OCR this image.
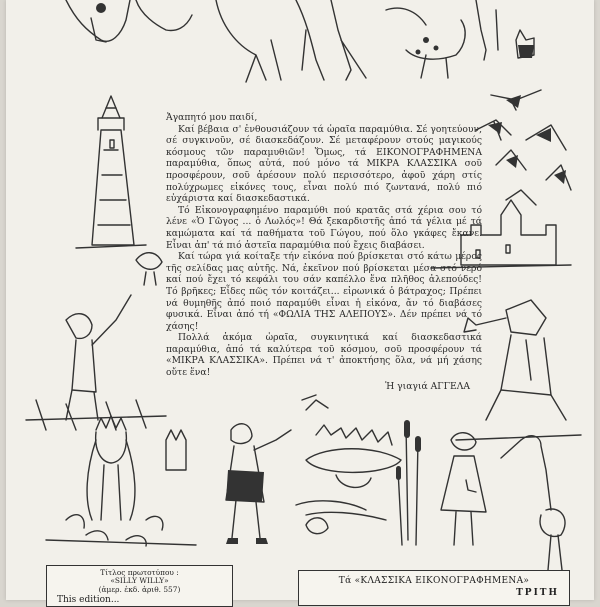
Ἀγαπητό μου παιδί,

Καί βέβαια σ' ἐνθουσιάζουν τά ὡραῖα παραμύθια. Σέ γοητεύουν, σέ συγκινοῦν, σέ διασκεδάζουν. Σέ μεταφέρουν στούς μαγικούς κόσμους τῶν παραμυθιῶν! Ὅμως, τά ΕΙΚΟΝΟΓΡΑΦΗΜΕΝΑ παραμύθια, ὅπως αὐτά, πού μόνο τά ΜΙΚΡΑ ΚΛΑΣΣΙΚΑ σοῦ προσφέρουν, σοῦ ἀρέσουν πολύ περισσότερο, ἀφοῦ χάρη στίς πολύχρωμες εἰκόνες τους, εἶναι πολύ πιό ζωντανά, πολύ πιό εὐχάριστα καί διασκεδαστικά.

Τό Εἰκονογραφημένο παραμύθι πού κρατᾶς στά χέρια σου τό λένε «Ὁ Γῶγος ... ὁ Λωλός»! Θά ξεκαρδιστῆς ἀπό τά γέλια μέ τά καμώματα καί τά παθήματα τοῦ Γώγου, πού ὅλο γκάφες ἔκανε. Εἶναι ἀπ' τά πιό ἀστεῖα παραμύθια πού ἔχεις διαβάσει.

Καί τώρα γιά κοίταξε τήν εἰκόνα πού βρίσκεται στό κάτω μέρος τῆς σελίδας μας αὐτῆς. Νά, ἐκεῖνον πού βρίσκεται μέσα στό νερό καί πού ἔχει τό κεφάλι του σάν καπέλλο ἕνα πλῆθος ἀλεπούδες! Τό βρῆκες; Εἶδες πῶς τόν κοιτάζει... εἰρωνικά ὁ βάτραχος; Πρέπει νά θυμηθῆς ἀπό ποιό παραμύθι εἶναι ἡ εἰκόνα, ἄν τό διαβάσες φυσικά. Εἶναι ἀπό τή «ΦΩΛΙΑ ΤΗΣ ΑΛΕΠΟΥΣ». Δέν πρέπει νά τό χάσης!

Πολλά ἀκόμα ὡραῖα, συγκινητικά καί διασκεδαστικά παραμύθια, ἀπό τά καλύτερα τοῦ κόσμου, σοῦ προσφέρουν τά «ΜΙΚΡΑ ΚΛΑΣΣΙΚΑ». Πρέπει νά τ' ἀποκτήσης ὅλα, νά μή χάσης οὔτε ἕνα!

Ἡ γιαγιά ΑΓΓΕΛΑ

Τίτλος πρωτοτύπου :
«SILLY WILLY»
(ἀμερ. ἐκδ. ἀριθ. 557)
This edition...
Τά «ΚΛΑΣΣΙΚΑ ΕΙΚΟΝΟΓΡΑΦΗΜΕΝΑ»
ΤΡΙΤΗ
